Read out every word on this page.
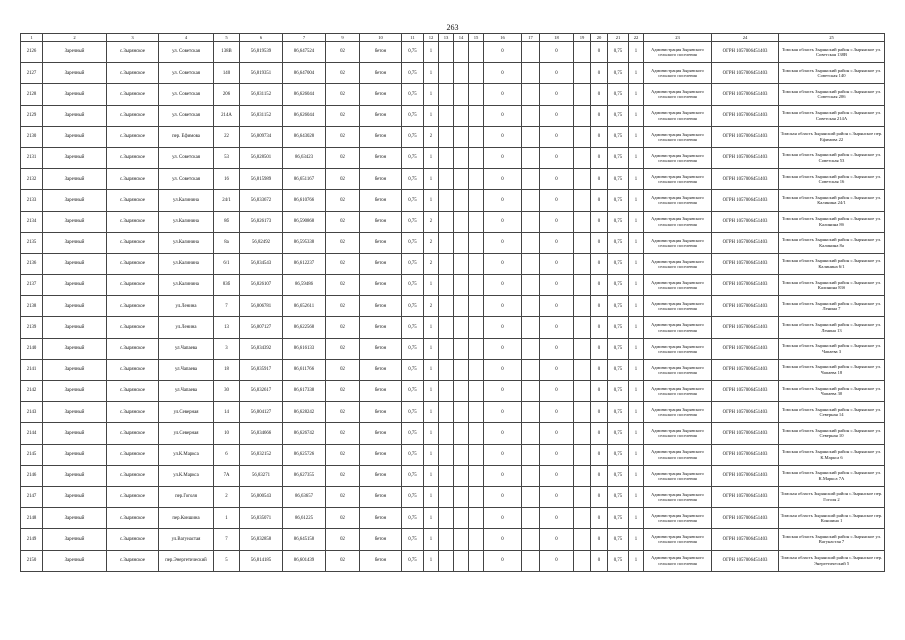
263
1	2	3	4	5	6	7	9	10	11	12	13	14	15	16	17	18	19	20	21	22	23	24	25
2126	Заречный	с.Зырянское	ул. Советская	138В	56,819539	86,647524	02	бетон	0,75	1				0		0		0	0,75	1	Администрация Зырянского сельского поселения	ОГРН 1057006451403	Томская область Зырянский район с.Зырянское ул. Советская 138В
2127	Заречный	с.Зырянское	ул. Советская	140	56,819351	86,647004	02	бетон	0,75	1				0		0		0	0,75	1	Администрация Зырянского сельского поселения	ОГРН 1057006451403	Томская область Зырянский район с.Зырянское ул. Советская 140
2128	Заречный	с.Зырянское	ул. Советская	206	56,831152	86,626044	02	бетон	0,75	1				0		0		0	0,75	1	Администрация Зырянского сельского поселения	ОГРН 1057006451403	Томская область Зырянский район с.Зырянское ул. Советская 206
2129	Заречный	с.Зырянское	ул. Советская	214А	56,831152	86,626044	02	бетон	0,75	1				0		0		0	0,75	1	Администрация Зырянского сельского поселения	ОГРН 1057006451403	Томская область Зырянский район с.Зырянское ул. Советская 214А
2130	Заречный	с.Зырянское	пер. Ефимова	22	56,809734	86,643028	02	бетон	0,75	2				0		0		0	0,75	1	Администрация Зырянского сельского поселения	ОГРН 1057006451403	Томская область Зырянский район с.Зырянское пер. Ефимова 22
2131	Заречный	с.Зырянское	ул. Советская	53	56,828501	86,63423	02	бетон	0,75	1				0		0		0	0,75	1	Администрация Зырянского сельского поселения	ОГРН 1057006451403	Томская область Зырянский район с.Зырянское ул. Советская 53
2132	Заречный	с.Зырянское	ул. Советская	16	56,815989	86,651167	02	бетон	0,75	1				0		0		0	0,75	1	Администрация Зырянского сельского поселения	ОГРН 1057006451403	Томская область Зырянский район с.Зырянское ул. Советская 16
2133	Заречный	с.Зырянское	ул.Калинина	24/1	56,833672	86,610766	02	бетон	0,75	1				0		0		0	0,75	1	Администрация Зырянского сельского поселения	ОГРН 1057006451403	Томская область Зырянский район с.Зырянское ул. Калинина 24/1
2134	Заречный	с.Зырянское	ул.Калинина	8б	56,826173	86,590868	02	бетон	0,75	2				0		0		0	0,75	1	Администрация Зырянского сельского поселения	ОГРН 1057006451403	Томская область Зырянский район с.Зырянское ул. Калинина 8б
2135	Заречный	с.Зырянское	ул.Калинина	8а	56,82492	86,595338	02	бетон	0,75	2				0		0		0	0,75	1	Администрация Зырянского сельского поселения	ОГРН 1057006451403	Томская область Зырянский район с.Зырянское ул. Калинина 8а
2136	Заречный	с.Зырянское	ул.Калинина	6/1	56,834543	86,612237	02	бетон	0,75	2				0		0		0	0,75	1	Администрация Зырянского сельского поселения	ОГРН 1057006451403	Томская область Зырянский район с.Зырянское ул. Калинина 6/1
2137	Заречный	с.Зырянское	ул.Калинина	83б	56,826107	86,59486	02	бетон	0,75	1				0		0		0	0,75	1	Администрация Зырянского сельского поселения	ОГРН 1057006451403	Томская область Зырянский район с.Зырянское ул. Калинина 83б
2138	Заречный	с.Зырянское	ул.Ленина	7	56,806781	86,652611	02	бетон	0,75	2				0		0		0	0,75	1	Администрация Зырянского сельского поселения	ОГРН 1057006451403	Томская область Зырянский район с.Зырянское ул. Ленина 7
2139	Заречный	с.Зырянское	ул.Ленина	13	56,807127	86,622568	02	бетон	0,75	1				0		0		0	0,75	1	Администрация Зырянского сельского поселения	ОГРН 1057006451403	Томская область Зырянский район с.Зырянское ул. Ленина 13
2140	Заречный	с.Зырянское	ул.Чапаева	3	56,834392	86,616133	02	бетон	0,75	1				0		0		0	0,75	1	Администрация Зырянского сельского поселения	ОГРН 1057006451403	Томская область Зырянский район с.Зырянское ул. Чапаева 3
2141	Заречный	с.Зырянское	ул.Чапаева	18	56,835917	86,611766	02	бетон	0,75	1				0		0		0	0,75	1	Администрация Зырянского сельского поселения	ОГРН 1057006451403	Томская область Зырянский район с.Зырянское ул. Чапаева 18
2142	Заречный	с.Зырянское	ул.Чапаева	30	56,832617	86,617338	02	бетон	0,75	1				0		0		0	0,75	1	Администрация Зырянского сельского поселения	ОГРН 1057006451403	Томская область Зырянский район с.Зырянское ул. Чапаева 30
2143	Заречный	с.Зырянское	ул.Северная	14	56,804127	86,628242	02	бетон	0,75	1				0		0		0	0,75	1	Администрация Зырянского сельского поселения	ОГРН 1057006451403	Томская область Зырянский район с.Зырянское ул. Северная 14
2144	Заречный	с.Зырянское	ул.Северная	10	56,834666	86,626742	02	бетон	0,75	1				0		0		0	0,75	1	Администрация Зырянского сельского поселения	ОГРН 1057006451403	Томская область Зырянский район с.Зырянское ул. Северная 10
2145	Заречный	с.Зырянское	ул.К.Маркса	6	56,832152	86,625726	02	бетон	0,75	1				0		0		0	0,75	1	Администрация Зырянского сельского поселения	ОГРН 1057006451403	Томская область Зырянский район с.Зырянское ул. К.Маркса 6
2146	Заречный	с.Зырянское	ул.К.Маркса	7А	56,83271	86,627355	02	бетон	0,75	1				0		0		0	0,75	1	Администрация Зырянского сельского поселения	ОГРН 1057006451403	Томская область Зырянский район с.Зырянское ул. К.Маркса 7А
2147	Заречный	с.Зырянское	пер.Гоголя	2	56,800543	86,63657	02	бетон	0,75	1				0		0		0	0,75	1	Администрация Зырянского сельского поселения	ОГРН 1057006451403	Томская область Зырянский район с.Зырянское пер. Гоголя 2
2148	Заречный	с.Зырянское	пер.Коншина	1	56,835071	86,61225	02	бетон	0,75	1				0		0		0	0,75	1	Администрация Зырянского сельского поселения	ОГРН 1057006451403	Томская область Зырянский район с.Зырянское пер. Коншина 1
2149	Заречный	с.Зырянское	ул.Вагунастая	7	56,832858	86,645158	02	бетон	0,75	1				0		0		0	0,75	1	Администрация Зырянского сельского поселения	ОГРН 1057006451403	Томская область Зырянский район с.Зырянское ул. Вагунастая 7
2150	Заречный	с.Зырянское	пер.Энергетический	5	56,814185	86,601439	02	бетон	0,75	1				0		0		0	0,75	1	Администрация Зырянского сельского поселения	ОГРН 1057006451403	Томская область Зырянский район с.Зырянское пер. Энергетический 5
